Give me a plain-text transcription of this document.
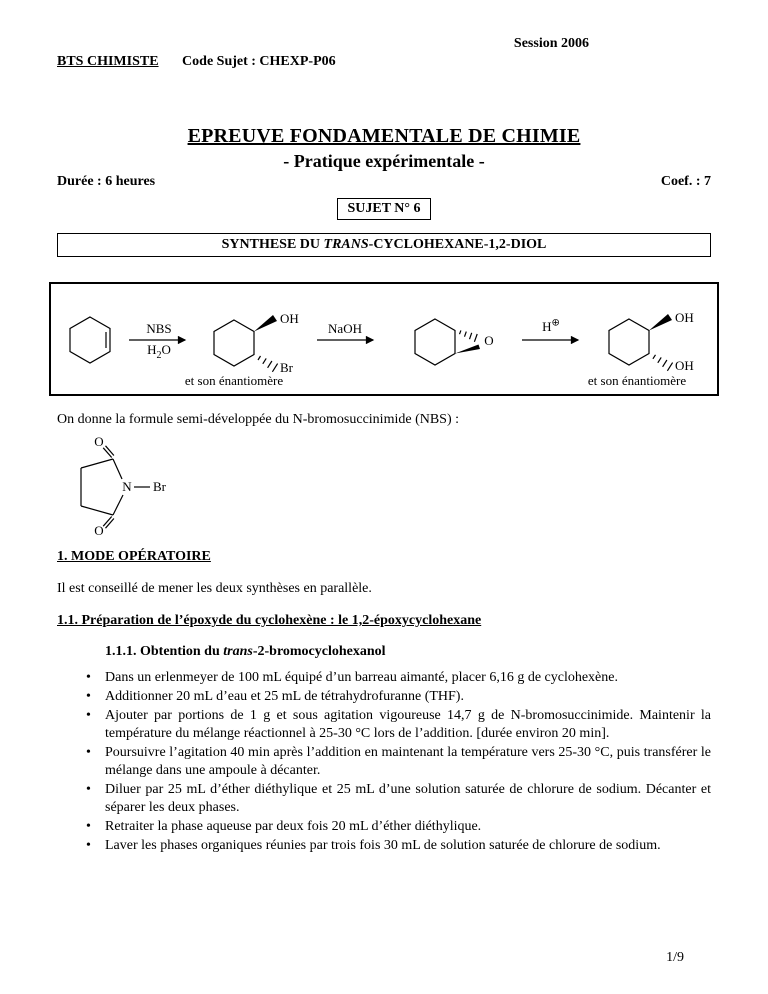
Session 2006
BTS CHIMISTE Code Sujet : CHEXP-P06
EPREUVE FONDAMENTALE DE CHIMIE
- Pratique expérimentale -
Durée : 6 heures	Coef. : 7
SUJET N° 6
SYNTHESE DU TRANS-CYCLOHEXANE-1,2-DIOL
NBS
$H_2O$
OH
Br
et son énantiomère
NaOH
O
H⊕	OH
OH
et son énantiomère
On donne la formule semi-développée du N-bromosuccinimide (NBS) :
O
N Br
O
1. MODE OPÉRATOIRE
Il est conseillé de mener les deux synthèses en parallèle.
1.1. Préparation de l’époxyde du cyclohexène : le 1,2-époxycyclohexane
1.1.1. Obtention du trans-2-bromocyclohexanol
• Dans un erlenmeyer de 100 mL équipé d’un barreau aimanté, placer 6,16 g de cyclohexène.
• Additionner 20 mL d’eau et 25 mL de tétrahydrofuranne (THF).
• Ajouter par portions de 1 g et sous agitation vigoureuse 14,7 g de N-bromosuccinimide. Maintenir la température du mélange réactionnel à 25-30 °C lors de l’addition. [durée environ 20 min].
• Poursuivre l’agitation 40 min après l’addition en maintenant la température vers 25-30 °C, puis transférer le mélange dans une ampoule à décanter.
• Diluer par 25 mL d’éther diéthylique et 25 mL d’une solution saturée de chlorure de sodium. Décanter et séparer les deux phases.
• Retraiter la phase aqueuse par deux fois 20 mL d’éther diéthylique.
• Laver les phases organiques réunies par trois fois 30 mL de solution saturée de chlorure de sodium.
1/9
